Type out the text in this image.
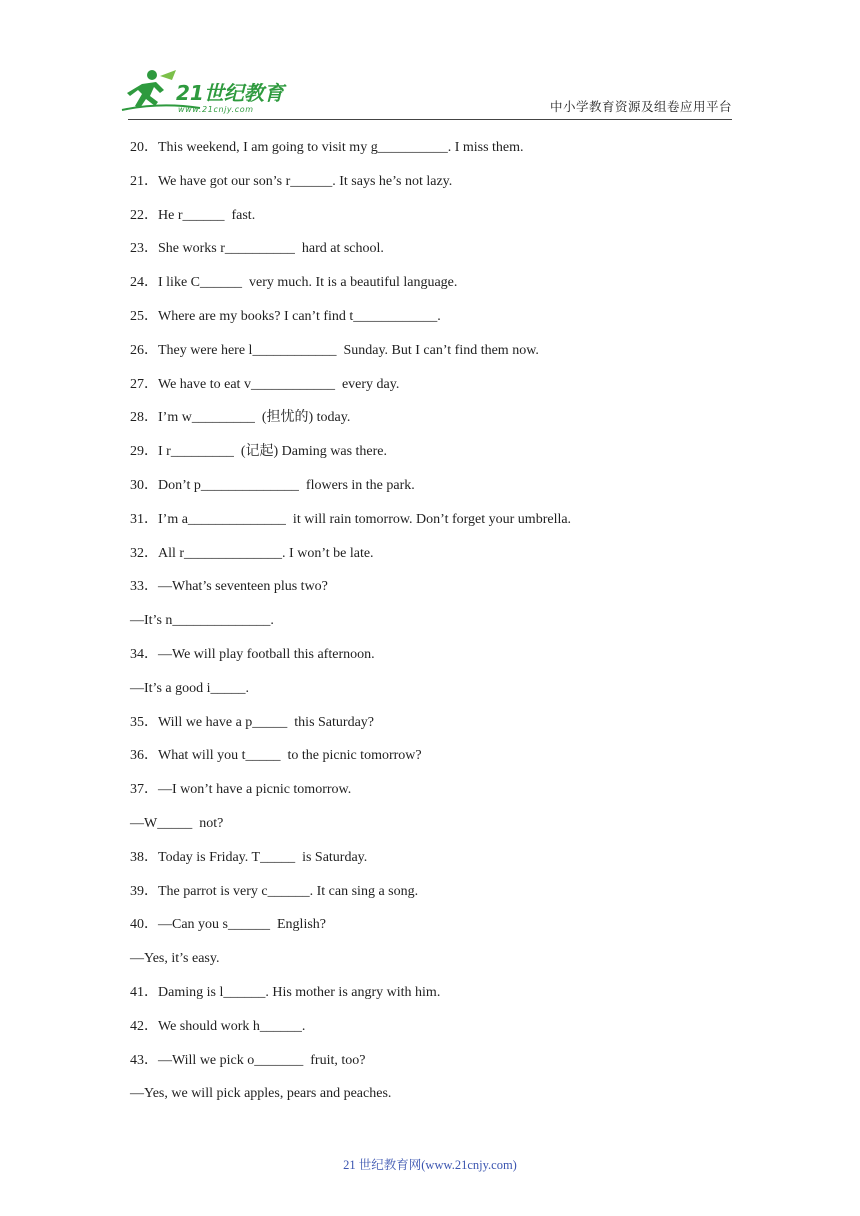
21世纪教育
www.21cnjy.com	中小学教育资源及组卷应用平台
20．This weekend, I am going to visit my g__________. I miss them.
21．We have got our son’s r______. It says he’s not lazy.
22．He r______  fast.
23．She works r__________  hard at school.
24．I like C______  very much. It is a beautiful language.
25．Where are my books? I can’t find t____________.
26．They were here l____________  Sunday. But I can’t find them now.
27．We have to eat v____________  every day.
28．I’m w_________  (担忧的) today.
29．I r_________  (记起) Daming was there.
30．Don’t p______________  flowers in the park.
31．I’m a______________  it will rain tomorrow. Don’t forget your umbrella.
32．All r______________. I won’t be late.
33．—What’s seventeen plus two?
—It’s n______________.
34．—We will play football this afternoon.
—It’s a good i_____.
35．Will we have a p_____  this Saturday?
36．What will you t_____  to the picnic tomorrow?
37．—I won’t have a picnic tomorrow.
—W_____  not?
38．Today is Friday. T_____  is Saturday.
39．The parrot is very c______. It can sing a song.
40．—Can you s______  English?
—Yes, it’s easy.
41．Daming is l______. His mother is angry with him.
42．We should work h______.
43．—Will we pick o_______  fruit, too?
—Yes, we will pick apples, pears and peaches.
21 世纪教育网(www.21cnjy.com)
